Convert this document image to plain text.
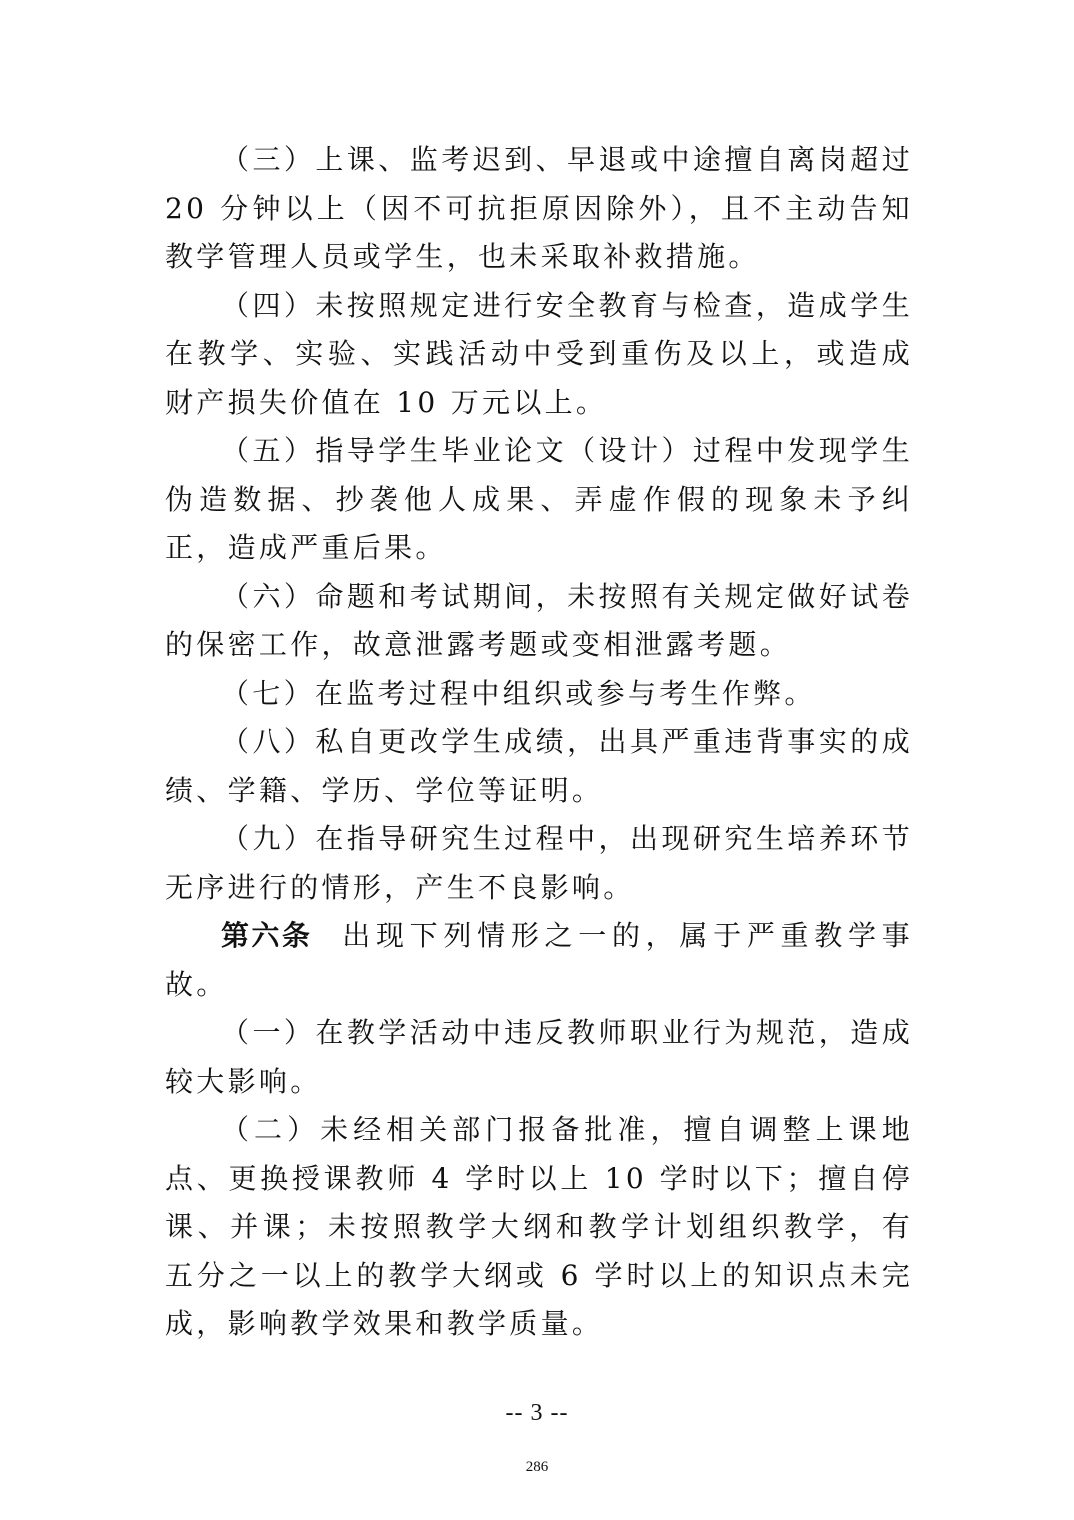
（三）上课、监考迟到、早退或中途擅自离岗超过 20 分钟以上（因不可抗拒原因除外），且不主动告知教学管理人员或学生，也未采取补救措施。

（四）未按照规定进行安全教育与检查，造成学生在教学、实验、实践活动中受到重伤及以上，或造成财产损失价值在 10 万元以上。

（五）指导学生毕业论文（设计）过程中发现学生伪造数据、抄袭他人成果、弄虚作假的现象未予纠正，造成严重后果。

（六）命题和考试期间，未按照有关规定做好试卷的保密工作，故意泄露考题或变相泄露考题。

（七）在监考过程中组织或参与考生作弊。

（八）私自更改学生成绩，出具严重违背事实的成绩、学籍、学历、学位等证明。

（九）在指导研究生过程中，出现研究生培养环节无序进行的情形，产生不良影响。

第六条 出现下列情形之一的，属于严重教学事故。

（一）在教学活动中违反教师职业行为规范，造成较大影响。

（二）未经相关部门报备批准，擅自调整上课地点、更换授课教师 4 学时以上 10 学时以下；擅自停课、并课；未按照教学大纲和教学计划组织教学，有五分之一以上的教学大纲或 6 学时以上的知识点未完成，影响教学效果和教学质量。

-- 3 --
286
